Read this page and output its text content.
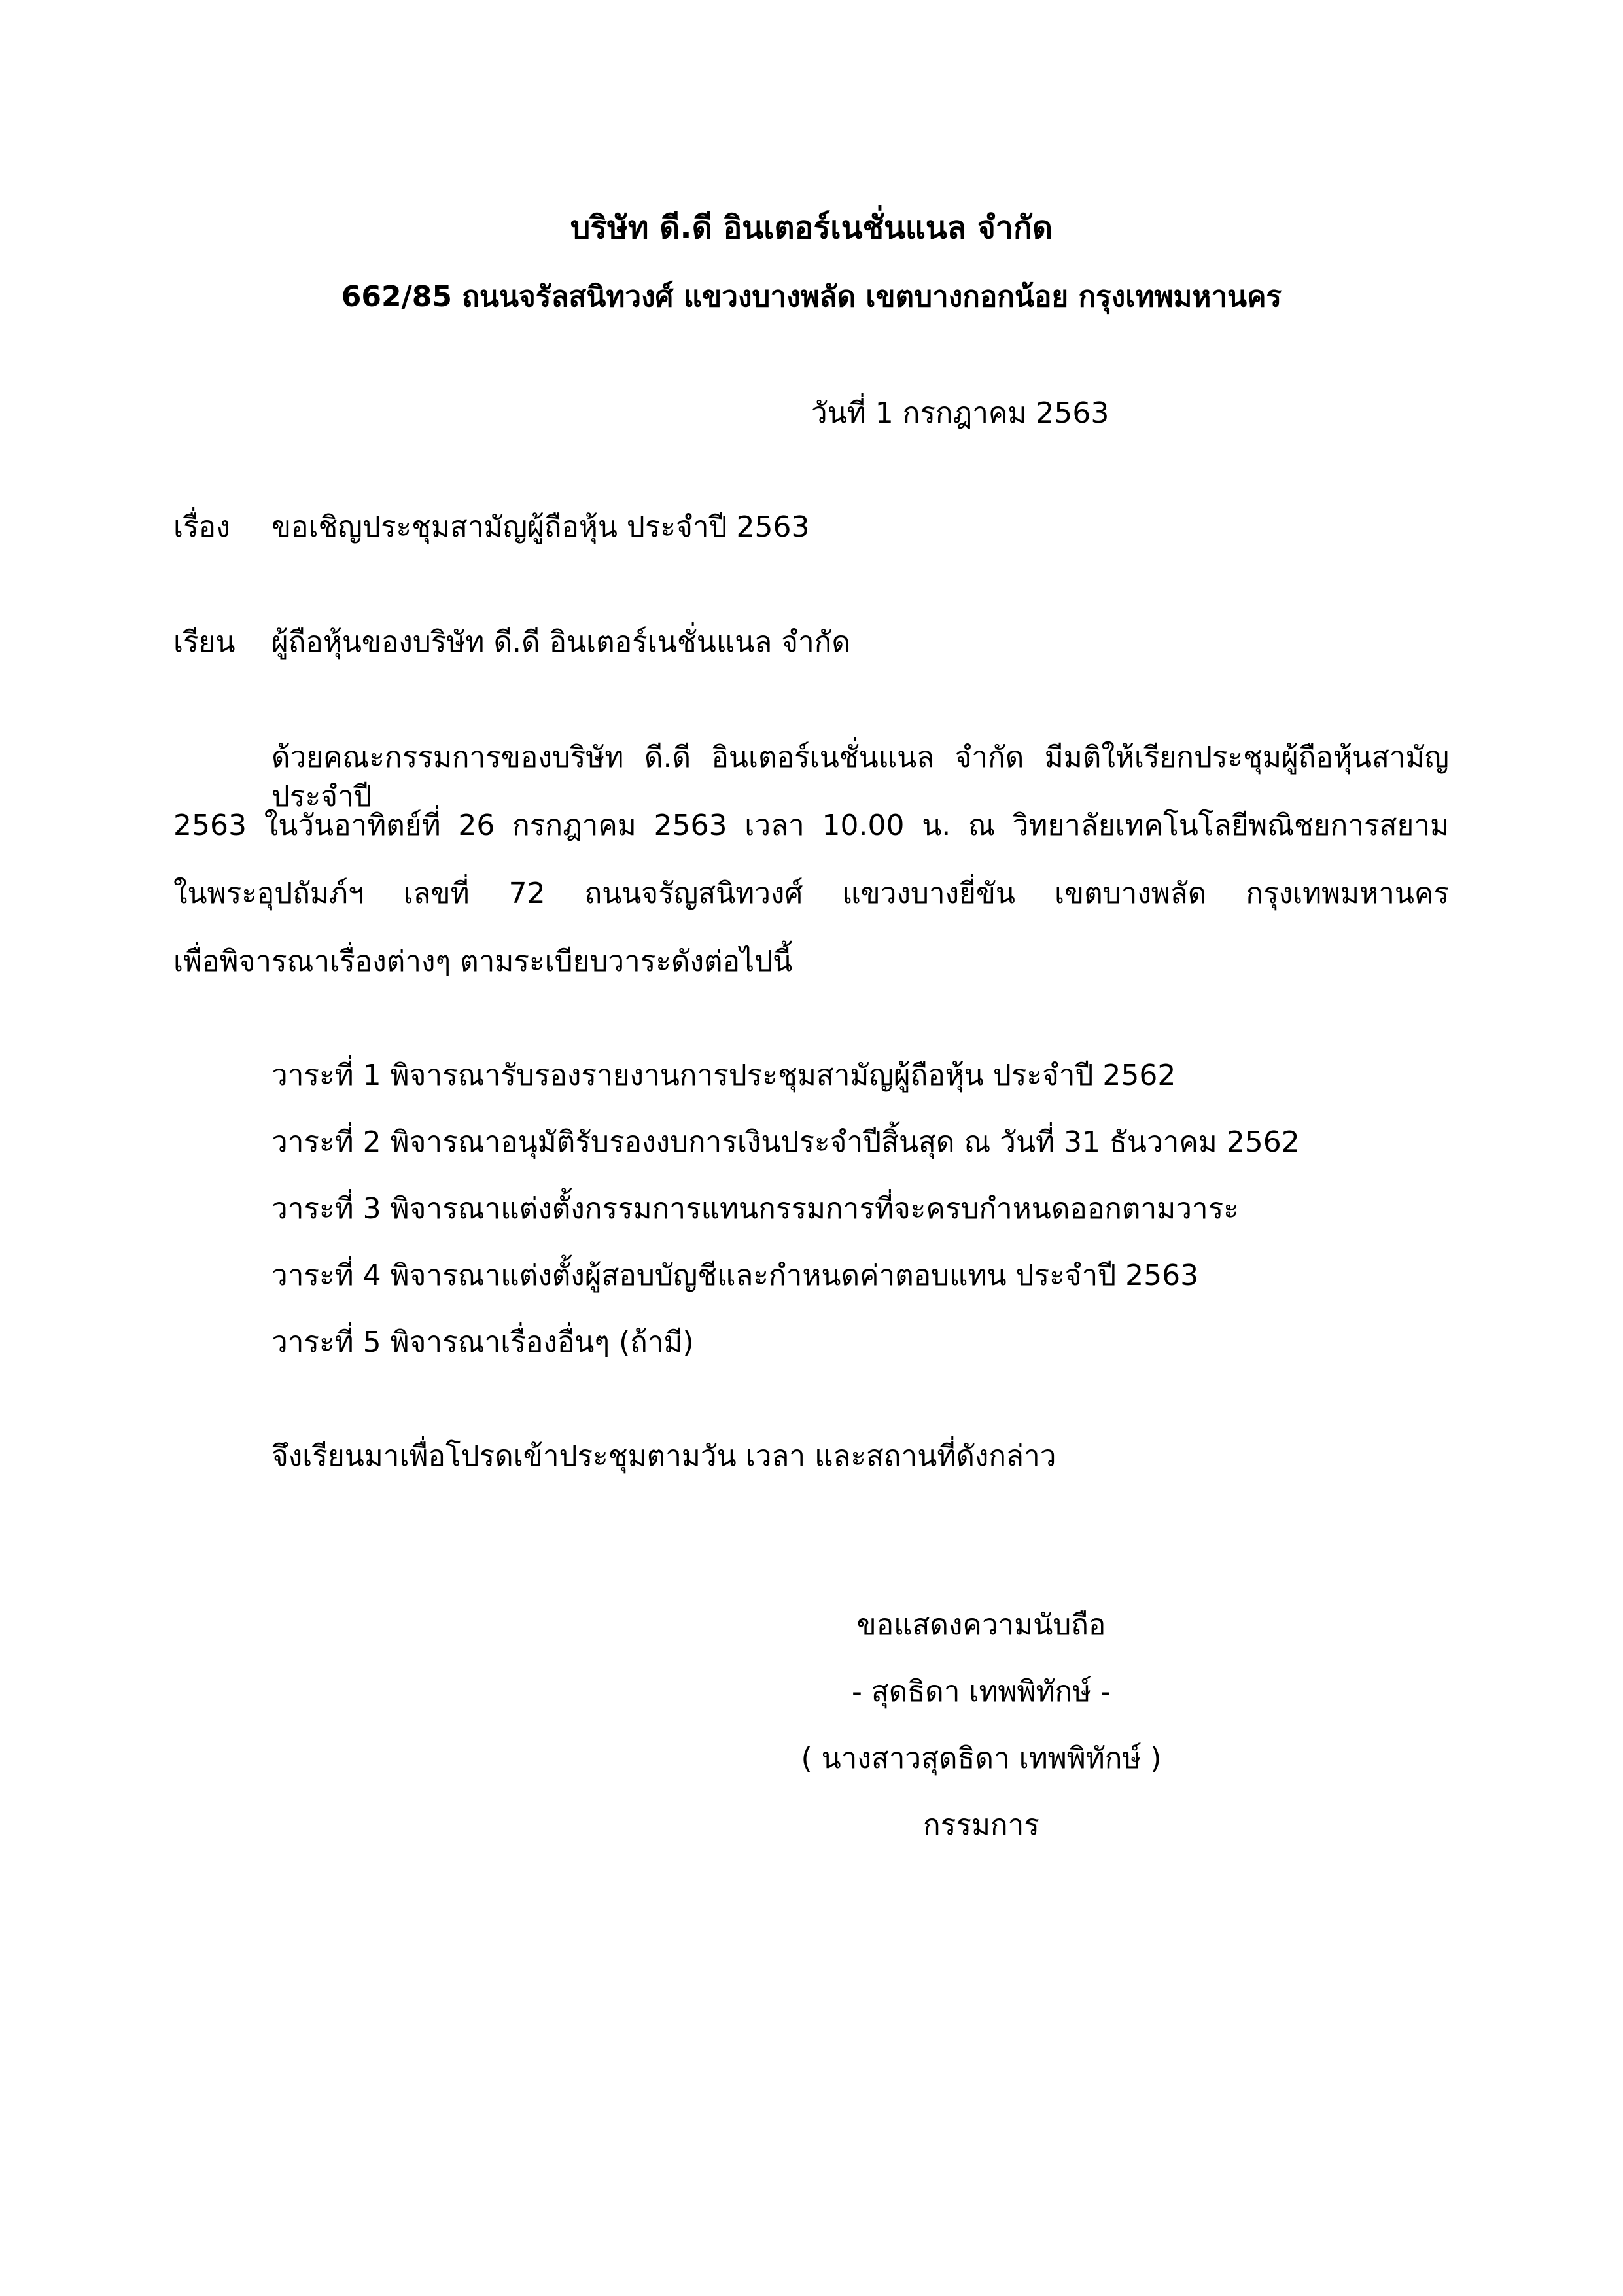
บริษัท ดี.ดี อินเตอร์เนชั่นแนล จำกัด
662/85 ถนนจรัลสนิทวงศ์ แขวงบางพลัด เขตบางกอกน้อย กรุงเทพมหานคร
วันที่ 1 กรกฎาคม 2563
เรื่อง ขอเชิญประชุมสามัญผู้ถือหุ้น ประจำปี 2563
เรียน ผู้ถือหุ้นของบริษัท ดี.ดี อินเตอร์เนชั่นแนล จำกัด
ด้วยคณะกรรมการของบริษัท ดี.ดี อินเตอร์เนชั่นแนล จำกัด มีมติให้เรียกประชุมผู้ถือหุ้นสามัญประจำปี
2563 ในวันอาทิตย์ที่ 26 กรกฎาคม 2563 เวลา 10.00 น. ณ วิทยาลัยเทคโนโลยีพณิชยการสยาม
ในพระอุปถัมภ์ฯ เลขที่ 72 ถนนจรัญสนิทวงศ์ แขวงบางยี่ขัน เขตบางพลัด กรุงเทพมหานคร
เพื่อพิจารณาเรื่องต่างๆ ตามระเบียบวาระดังต่อไปนี้
วาระที่ 1 พิจารณารับรองรายงานการประชุมสามัญผู้ถือหุ้น ประจำปี 2562
วาระที่ 2 พิจารณาอนุมัติรับรองงบการเงินประจำปีสิ้นสุด ณ วันที่ 31 ธันวาคม 2562
วาระที่ 3 พิจารณาแต่งตั้งกรรมการแทนกรรมการที่จะครบกำหนดออกตามวาระ
วาระที่ 4 พิจารณาแต่งตั้งผู้สอบบัญชีและกำหนดค่าตอบแทน ประจำปี 2563
วาระที่ 5 พิจารณาเรื่องอื่นๆ (ถ้ามี)
จึงเรียนมาเพื่อโปรดเข้าประชุมตามวัน เวลา และสถานที่ดังกล่าว
ขอแสดงความนับถือ
- สุดธิดา เทพพิทักษ์ -
( นางสาวสุดธิดา เทพพิทักษ์ )
กรรมการ
